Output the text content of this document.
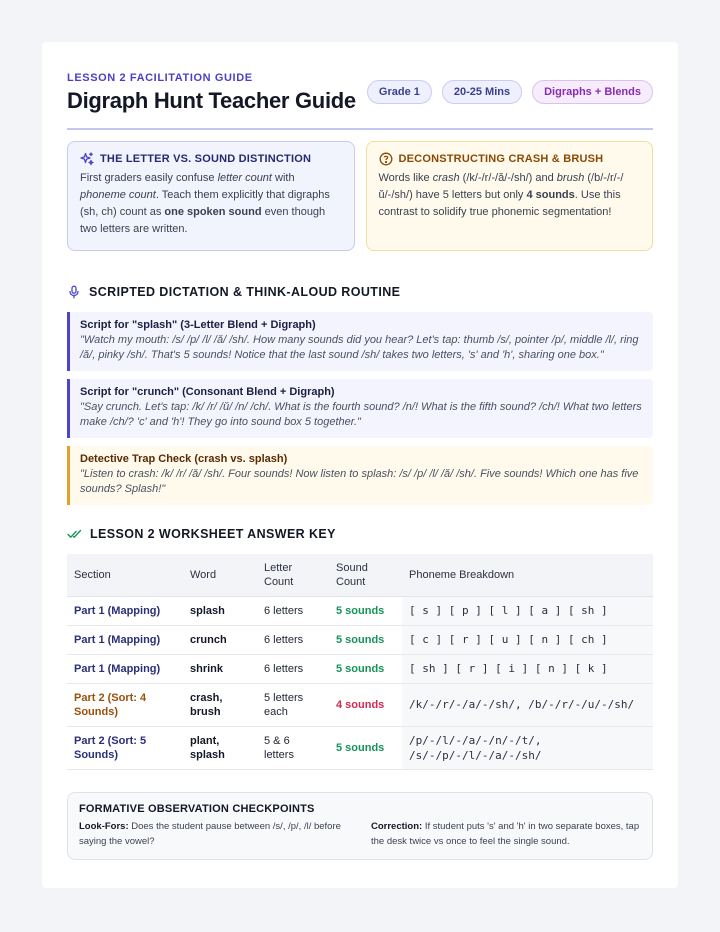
LESSON 2 FACILITATION GUIDE
Digraph Hunt Teacher Guide	Grade 1	20-25 Mins	Digraphs + Blends
THE LETTER VS. SOUND DISTINCTION
First graders easily confuse letter count with phoneme count. Teach them explicitly that digraphs (sh, ch) count as one spoken sound even though two letters are written.
DECONSTRUCTING CRASH & BRUSH
Words like crash (/k/-/r/-/ă/-/sh/) and brush (/b/-/r/-/ŭ/-/sh/) have 5 letters but only 4 sounds. Use this contrast to solidify true phonemic segmentation!
SCRIPTED DICTATION & THINK-ALOUD ROUTINE
Script for "splash" (3-Letter Blend + Digraph)
"Watch my mouth: /s/ /p/ /l/ /ă/ /sh/. How many sounds did you hear? Let's tap: thumb /s/, pointer /p/, middle /l/, ring /ă/, pinky /sh/. That's 5 sounds! Notice that the last sound /sh/ takes two letters, 's' and 'h', sharing one box."
Script for "crunch" (Consonant Blend + Digraph)
"Say crunch. Let's tap: /k/ /r/ /ŭ/ /n/ /ch/. What is the fourth sound? /n/! What is the fifth sound? /ch/! What two letters make /ch/? 'c' and 'h'! They go into sound box 5 together."
Detective Trap Check (crash vs. splash)
"Listen to crash: /k/ /r/ /ă/ /sh/. Four sounds! Now listen to splash: /s/ /p/ /l/ /ă/ /sh/. Five sounds! Which one has five sounds? Splash!"
LESSON 2 WORKSHEET ANSWER KEY
Section	Word	Letter Count	Sound Count	Phoneme Breakdown
Part 1 (Mapping)	splash	6 letters	5 sounds	[ s ] [ p ] [ l ] [ a ] [ sh ]
Part 1 (Mapping)	crunch	6 letters	5 sounds	[ c ] [ r ] [ u ] [ n ] [ ch ]
Part 1 (Mapping)	shrink	6 letters	5 sounds	[ sh ] [ r ] [ i ] [ n ] [ k ]
Part 2 (Sort: 4 Sounds)	crash, brush	5 letters each	4 sounds	/k/-/r/-/a/-/sh/, /b/-/r/-/u/-/sh/
Part 2 (Sort: 5 Sounds)	plant, splash	5 & 6 letters	5 sounds	/p/-/l/-/a/-/n/-/t/, /s/-/p/-/l/-/a/-/sh/
FORMATIVE OBSERVATION CHECKPOINTS
Look-Fors: Does the student pause between /s/, /p/, /l/ before saying the vowel?
Correction: If student puts 's' and 'h' in two separate boxes, tap the desk twice vs once to feel the single sound.
